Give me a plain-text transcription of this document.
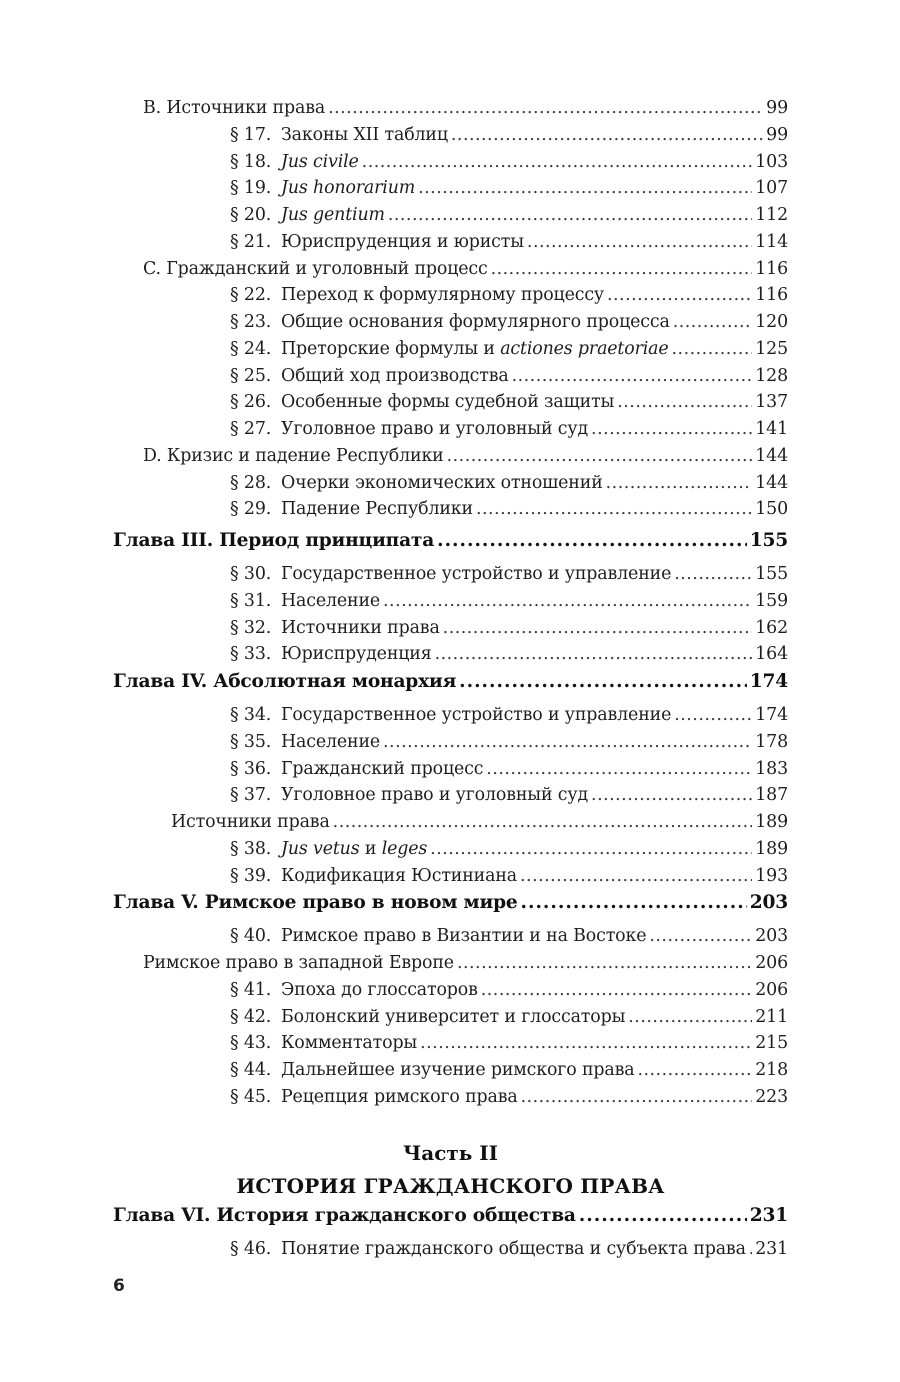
B. Источники права .....	99
§ 17. Законы XII таблиц .....	99
§ 18. Jus civile .....	103
§ 19. Jus honorarium .....	107
§ 20. Jus gentium .....	112
§ 21. Юриспруденция и юристы .....	114
C. Гражданский и уголовный процесс .....	116
§ 22. Переход к формулярному процессу .....	116
§ 23. Общие основания формулярного процесса .....	120
§ 24. Преторские формулы и actiones praetoriae .....	125
§ 25. Общий ход производства .....	128
§ 26. Особенные формы судебной защиты .....	137
§ 27. Уголовное право и уголовный суд .....	141
D. Кризис и падение Республики .....	144
§ 28. Очерки экономических отношений .....	144
§ 29. Падение Республики .....	150
Глава III. Период принципата .....	155
§ 30. Государственное устройство и управление .....	155
§ 31. Население .....	159
§ 32. Источники права .....	162
§ 33. Юриспруденция .....	164
Глава IV. Абсолютная монархия .....	174
§ 34. Государственное устройство и управление .....	174
§ 35. Население .....	178
§ 36. Гражданский процесс .....	183
§ 37. Уголовное право и уголовный суд .....	187
Источники права .....	189
§ 38. Jus vetus и leges .....	189
§ 39. Кодификация Юстиниана .....	193
Глава V. Римское право в новом мире .....	203
§ 40. Римское право в Византии и на Востоке .....	203
Римское право в западной Европе .....	206
§ 41. Эпоха до глоссаторов .....	206
§ 42. Болонский университет и глоссаторы .....	211
§ 43. Комментаторы .....	215
§ 44. Дальнейшее изучение римского права .....	218
§ 45. Рецепция римского права .....	223
Часть II
ИСТОРИЯ ГРАЖДАНСКОГО ПРАВА
Глава VI. История гражданского общества .....	231
§ 46. Понятие гражданского общества и субъекта права ..... 231
6
